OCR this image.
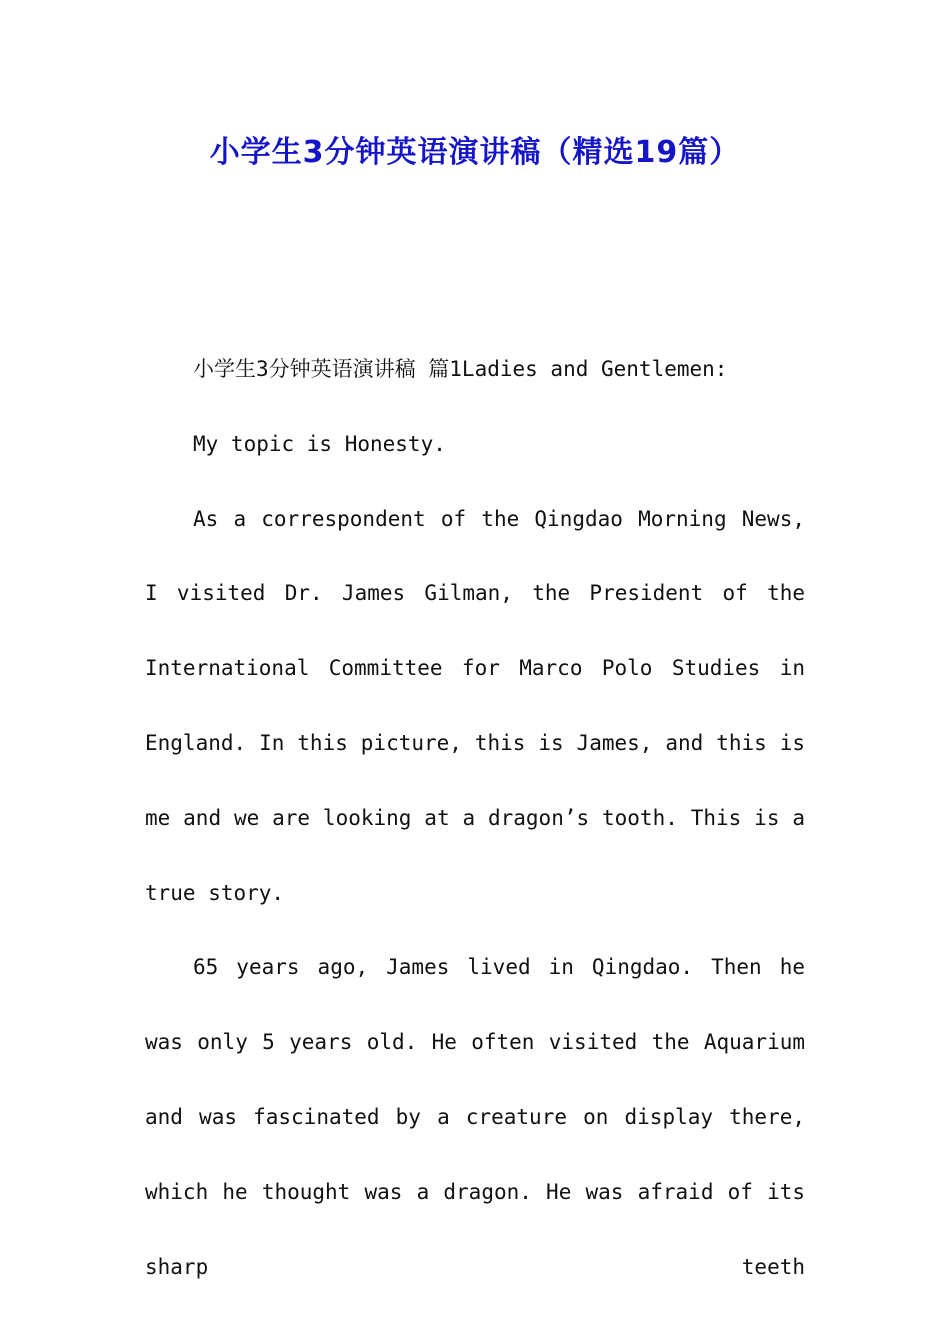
小学生3分钟英语演讲稿（精选19篇）

小学生3分钟英语演讲稿 篇1Ladies and Gentlemen:

My topic is Honesty.

As a correspondent of the Qingdao Morning News, I visited Dr. James Gilman, the President of the International Committee for Marco Polo Studies in England. In this picture, this is James, and this is me and we are looking at a dragon’s tooth. This is a true story.

65 years ago, James lived in Qingdao. Then he was only 5 years old. He often visited the Aquarium and was fascinated by a creature on display there, which he thought was a dragon. He was afraid of its sharp teeth
